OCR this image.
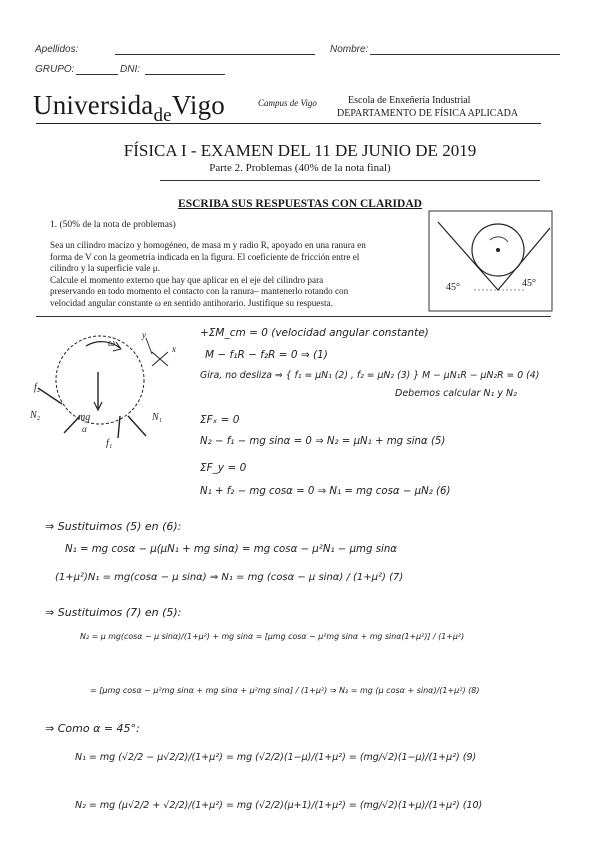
Apellidos:	Nombre:
GRUPO:	DNI:
Universida$_{de}$Vigo	Campus de Vigo	Escola de Enxeñería Industrial
DEPARTAMENTO DE FÍSICA APLICADA
FÍSICA I - EXAMEN DEL 11 DE JUNIO DE 2019
Parte 2. Problemas (40% de la nota final)
ESCRIBA SUS RESPUESTAS CON CLARIDAD
1. (50% de la nota de problemas)
Sea un cilindro macizo y homogéneo, de masa m y radio R, apoyado en una ranura en
forma de V con la geometría indicada en la figura. El coeficiente de fricción entre el
cilindro y la superficie vale μ.
Calcule el momento externo que hay que aplicar en el eje del cilindro para
preservando en todo momento el contacto con la ranura– mantenerlo rotando con
velocidad angular constante ω en sentido antihorario. Justifique su respuesta.
45°	45°
ω	x
y
N₂	N₁
f₂
f₁
mg
α
+ΣM_cm = 0 (velocidad angular constante)
M − f₁R − f₂R = 0 ⇒ (1)
Gira, no desliza ⇒ { f₁ = μN₁ (2) , f₂ = μN₂ (3) } M − μN₁R − μN₂R = 0 (4)
Debemos calcular N₁ y N₂
ΣFₓ = 0
N₂ − f₁ − mg sinα = 0 ⇒ N₂ = μN₁ + mg sinα (5)
ΣF_y = 0
N₁ + f₂ − mg cosα = 0 ⇒ N₁ = mg cosα − μN₂ (6)
⇒ Sustituimos (5) en (6):
N₁ = mg cosα − μ(μN₁ + mg sinα) = mg cosα − μ²N₁ − μmg sinα
(1+μ²)N₁ = mg(cosα − μ sinα) ⇒ N₁ = mg (cosα − μ sinα) / (1+μ²) (7)
⇒ Sustituimos (7) en (5):
N₂ = μ mg(cosα − μ sinα)/(1+μ²) + mg sinα = [μmg cosα − μ²mg sinα + mg sinα(1+μ²)] / (1+μ²)
= [μmg cosα − μ²mg sinα + mg sinα + μ²mg sinα] / (1+μ²) ⇒ N₂ = mg (μ cosα + sinα)/(1+μ²) (8)
⇒ Como α = 45°:
N₁ = mg (√2/2 − μ√2/2)/(1+μ²) = mg (√2/2)(1−μ)/(1+μ²) = (mg/√2)(1−μ)/(1+μ²) (9)
N₂ = mg (μ√2/2 + √2/2)/(1+μ²) = mg (√2/2)(μ+1)/(1+μ²) = (mg/√2)(1+μ)/(1+μ²) (10)
